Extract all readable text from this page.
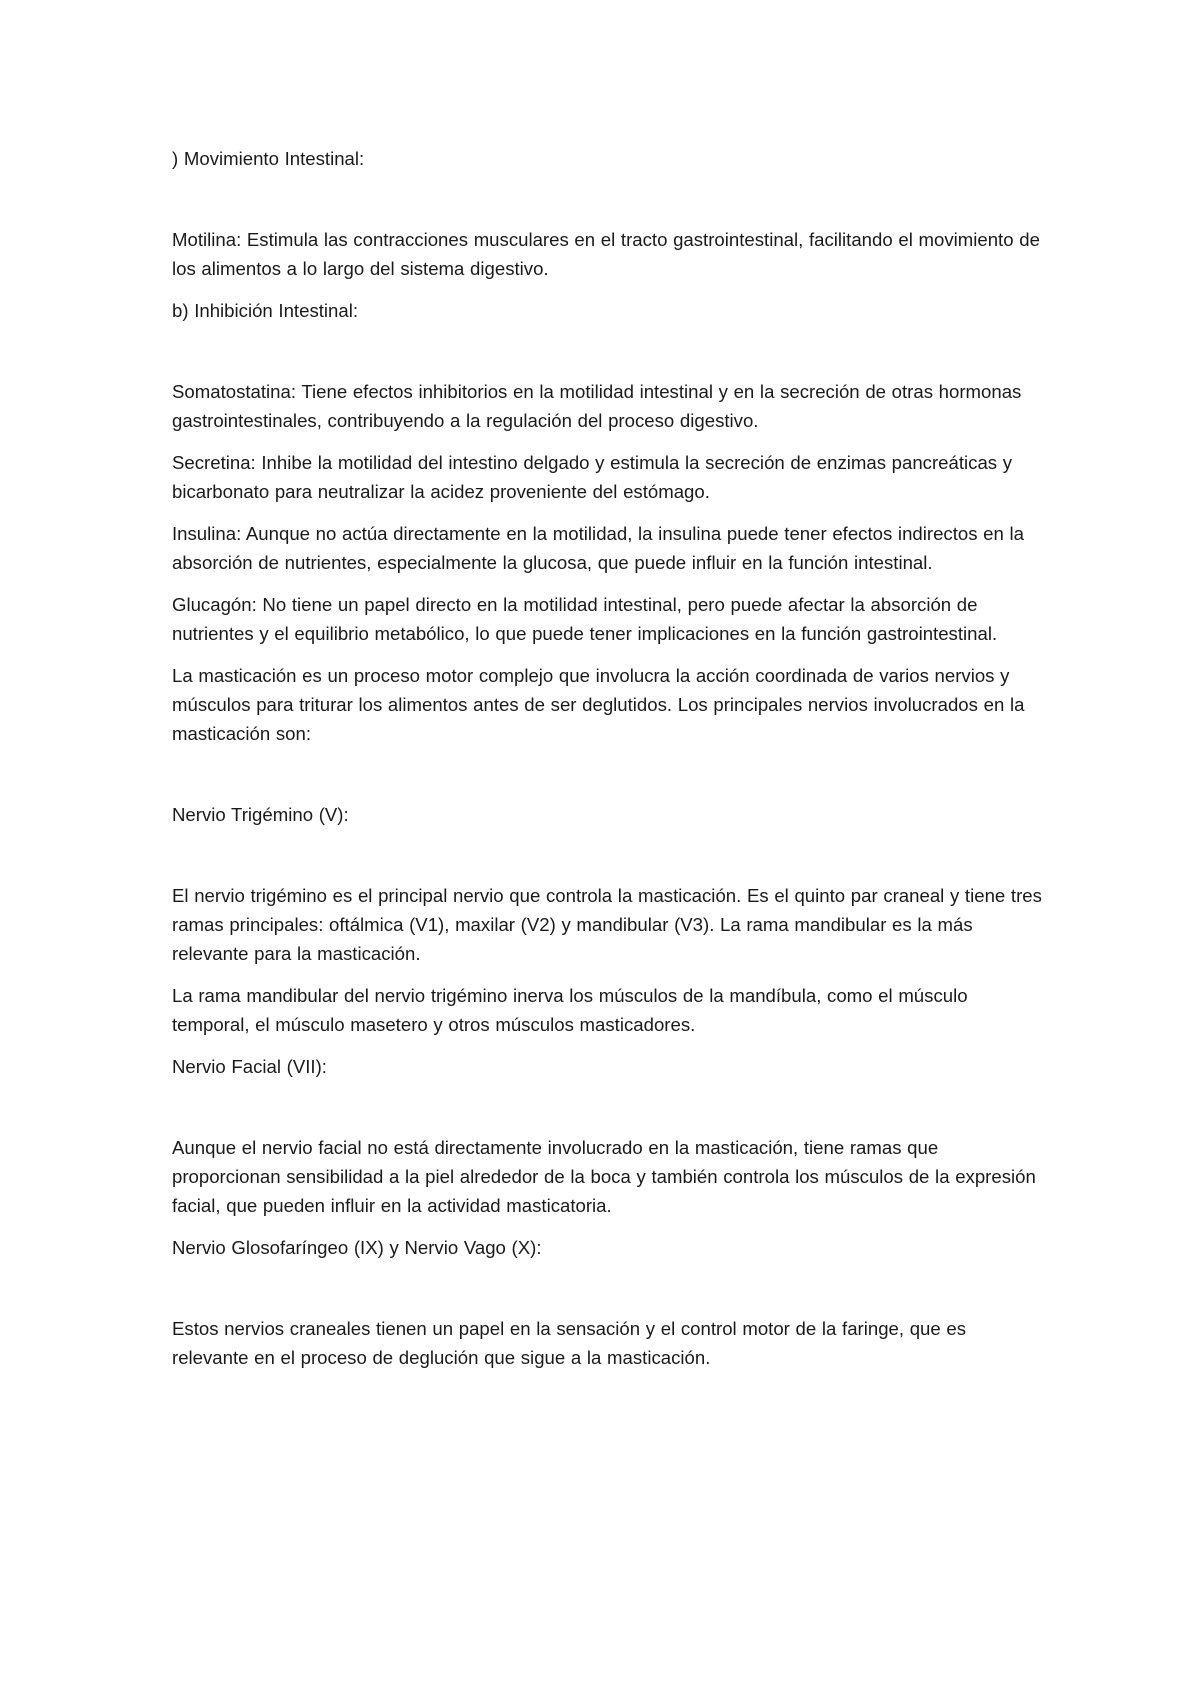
) Movimiento Intestinal:

Motilina: Estimula las contracciones musculares en el tracto gastrointestinal, facilitando el movimiento de los alimentos a lo largo del sistema digestivo.

b) Inhibición Intestinal:

Somatostatina: Tiene efectos inhibitorios en la motilidad intestinal y en la secreción de otras hormonas gastrointestinales, contribuyendo a la regulación del proceso digestivo.

Secretina: Inhibe la motilidad del intestino delgado y estimula la secreción de enzimas pancreáticas y bicarbonato para neutralizar la acidez proveniente del estómago.

Insulina: Aunque no actúa directamente en la motilidad, la insulina puede tener efectos indirectos en la absorción de nutrientes, especialmente la glucosa, que puede influir en la función intestinal.

Glucagón: No tiene un papel directo en la motilidad intestinal, pero puede afectar la absorción de nutrientes y el equilibrio metabólico, lo que puede tener implicaciones en la función gastrointestinal.

La masticación es un proceso motor complejo que involucra la acción coordinada de varios nervios y músculos para triturar los alimentos antes de ser deglutidos. Los principales nervios involucrados en la masticación son:

Nervio Trigémino (V):

El nervio trigémino es el principal nervio que controla la masticación. Es el quinto par craneal y tiene tres ramas principales: oftálmica (V1), maxilar (V2) y mandibular (V3). La rama mandibular es la más relevante para la masticación.

La rama mandibular del nervio trigémino inerva los músculos de la mandíbula, como el músculo temporal, el músculo masetero y otros músculos masticadores.

Nervio Facial (VII):

Aunque el nervio facial no está directamente involucrado en la masticación, tiene ramas que proporcionan sensibilidad a la piel alrededor de la boca y también controla los músculos de la expresión facial, que pueden influir en la actividad masticatoria.

Nervio Glosofaríngeo (IX) y Nervio Vago (X):

Estos nervios craneales tienen un papel en la sensación y el control motor de la faringe, que es relevante en el proceso de deglución que sigue a la masticación.
